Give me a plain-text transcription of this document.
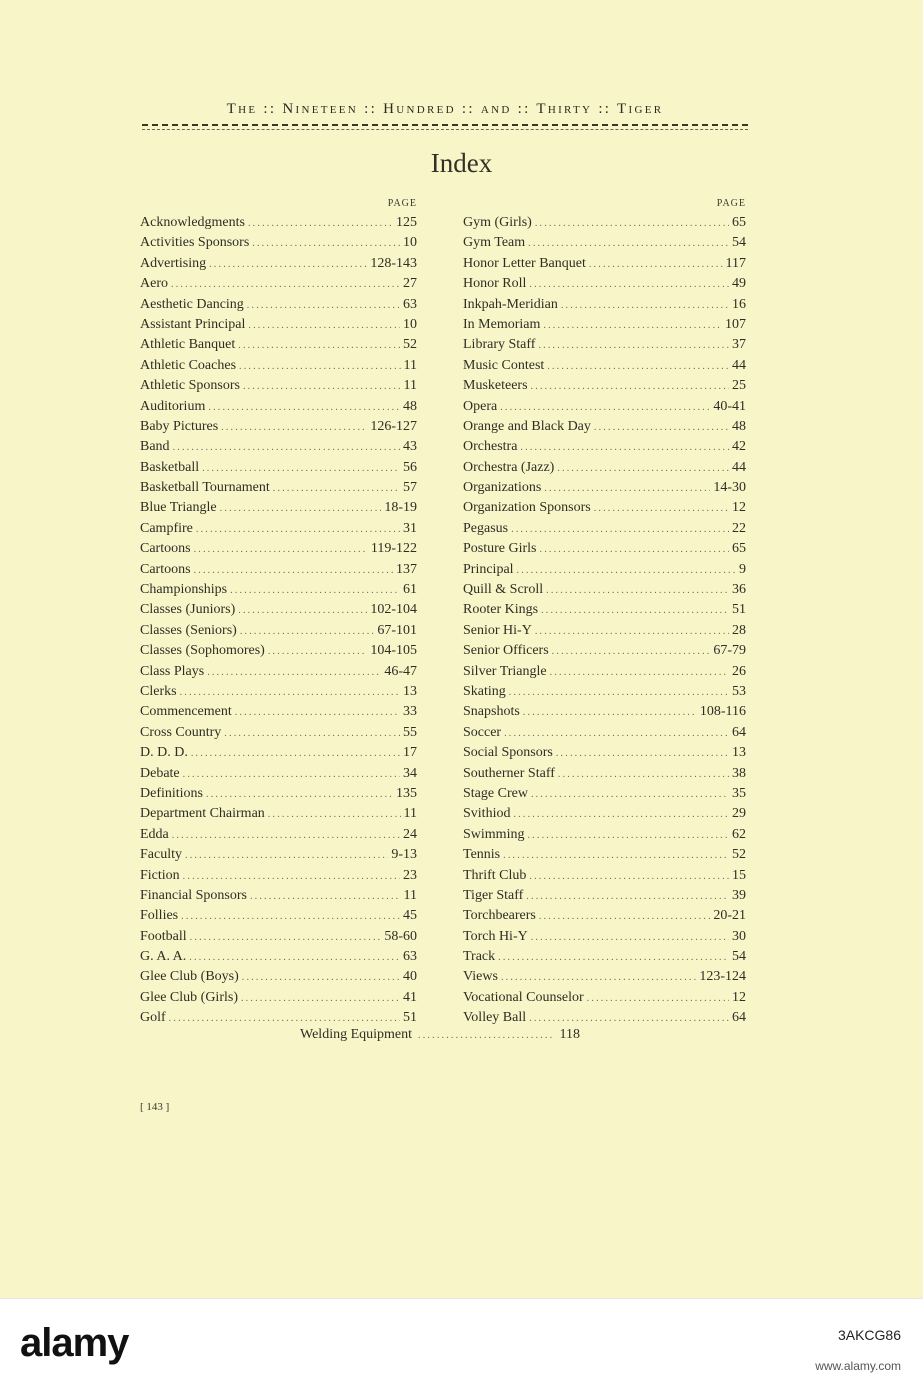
The :: Nineteen :: Hundred :: and :: Thirty :: Tiger
Index
PAGE
Acknowledgments .....	125
Activities Sponsors .....	10
Advertising .....	128-143
Aero .....	27
Aesthetic Dancing .....	63
Assistant Principal .....	10
Athletic Banquet .....	52
Athletic Coaches .....	11
Athletic Sponsors .....	11
Auditorium .....	48
Baby Pictures .....	126-127
Band .....	43
Basketball .....	56
Basketball Tournament .....	57
Blue Triangle .....	18-19
Campfire .....	31
Cartoons .....	119-122
Cartoons .....	137
Championships .....	61
Classes (Juniors) .....	102-104
Classes (Seniors) .....	67-101
Classes (Sophomores) .....	104-105
Class Plays .....	46-47
Clerks .....	13
Commencement .....	33
Cross Country .....	55
D. D. D. .....	17
Debate .....	34
Definitions .....	135
Department Chairman .....	11
Edda .....	24
Faculty .....	9-13
Fiction .....	23
Financial Sponsors .....	11
Follies .....	45
Football .....	58-60
G. A. A. .....	63
Glee Club (Boys) .....	40
Glee Club (Girls) .....	41
Golf .....	51
PAGE
Gym (Girls) .....	65
Gym Team .....	54
Honor Letter Banquet .....	117
Honor Roll .....	49
Inkpah-Meridian .....	16
In Memoriam .....	107
Library Staff .....	37
Music Contest .....	44
Musketeers .....	25
Opera .....	40-41
Orange and Black Day .....	48
Orchestra .....	42
Orchestra (Jazz) .....	44
Organizations .....	14-30
Organization Sponsors .....	12
Pegasus .....	22
Posture Girls .....	65
Principal .....	9
Quill & Scroll .....	36
Rooter Kings .....	51
Senior Hi-Y .....	28
Senior Officers .....	67-79
Silver Triangle .....	26
Skating .....	53
Snapshots .....	108-116
Soccer .....	64
Social Sponsors .....	13
Southerner Staff .....	38
Stage Crew .....	35
Svithiod .....	29
Swimming .....	62
Tennis .....	52
Thrift Club .....	15
Tiger Staff .....	39
Torchbearers .....	20-21
Torch Hi-Y .....	30
Track .....	54
Views .....	123-124
Vocational Counselor .....	12
Volley Ball .....	64
Welding Equipment .....	118
[ 143 ]
alamy	3AKCG86
www.alamy.com
